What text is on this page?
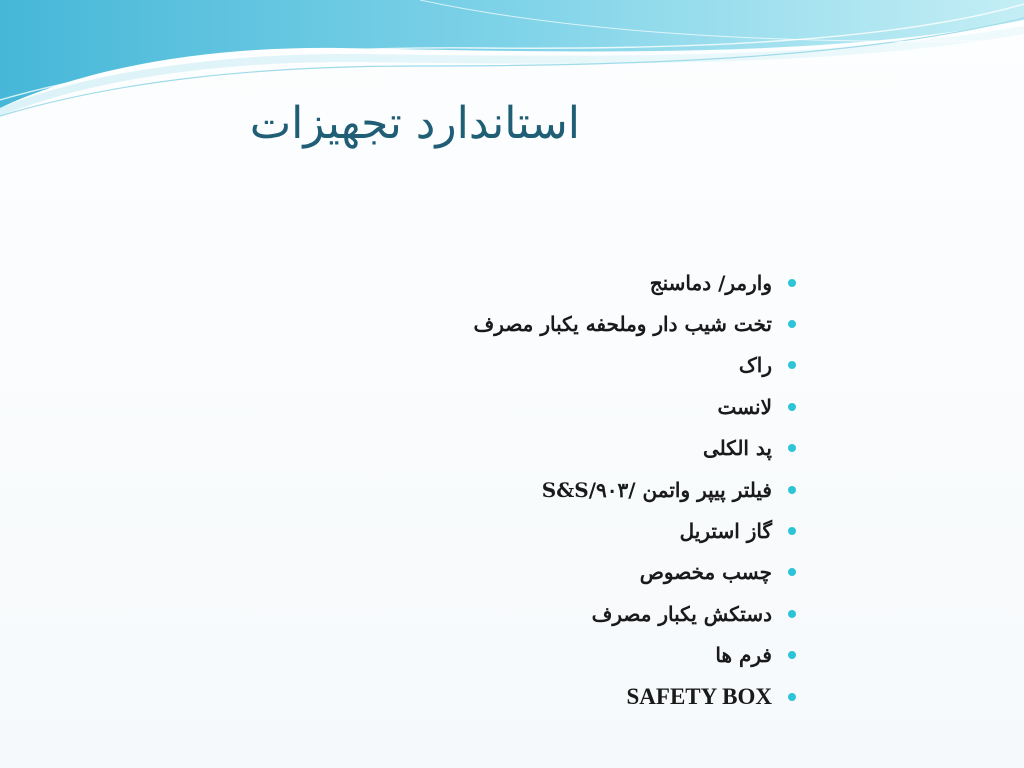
استاندارد تجهیزات
وارمر/ دماسنج
تخت شیب دار وملحفه یکبار مصرف
راک
لانست
پد الکلی
فیلتر پیپر واتمن /S&S/۹۰۳
گاز استریل
چسب مخصوص
دستکش یکبار مصرف
فرم ها
SAFETY BOX
